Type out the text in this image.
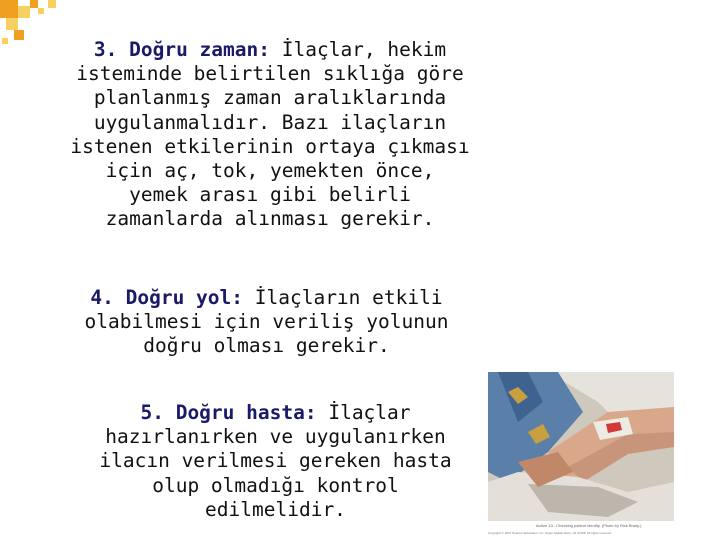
3. Doğru zaman: İlaçlar, hekim
isteminde belirtilen sıklığa göre
planlanmış zaman aralıklarında
uygulanmalıdır. Bazı ilaçların
istenen etkilerinin ortaya çıkması
için aç, tok, yemekten önce,
yemek arası gibi belirli
zamanlarda alınması gerekir.
4. Doğru yol: İlaçların etkili
olabilmesi için veriliş yolunun
doğru olması gerekir.
5. Doğru hasta: İlaçlar
hazırlanırken ve uygulanırken
ilacın verilmesi gereken hasta
olup olmadığı kontrol edilmelidir.
Action 13-: Checking patient identity. (Photo by Rick Brady.)
Copyright © 2007 Pearson Education, Inc. Upper Saddle River, NJ 07458. All rights reserved.
